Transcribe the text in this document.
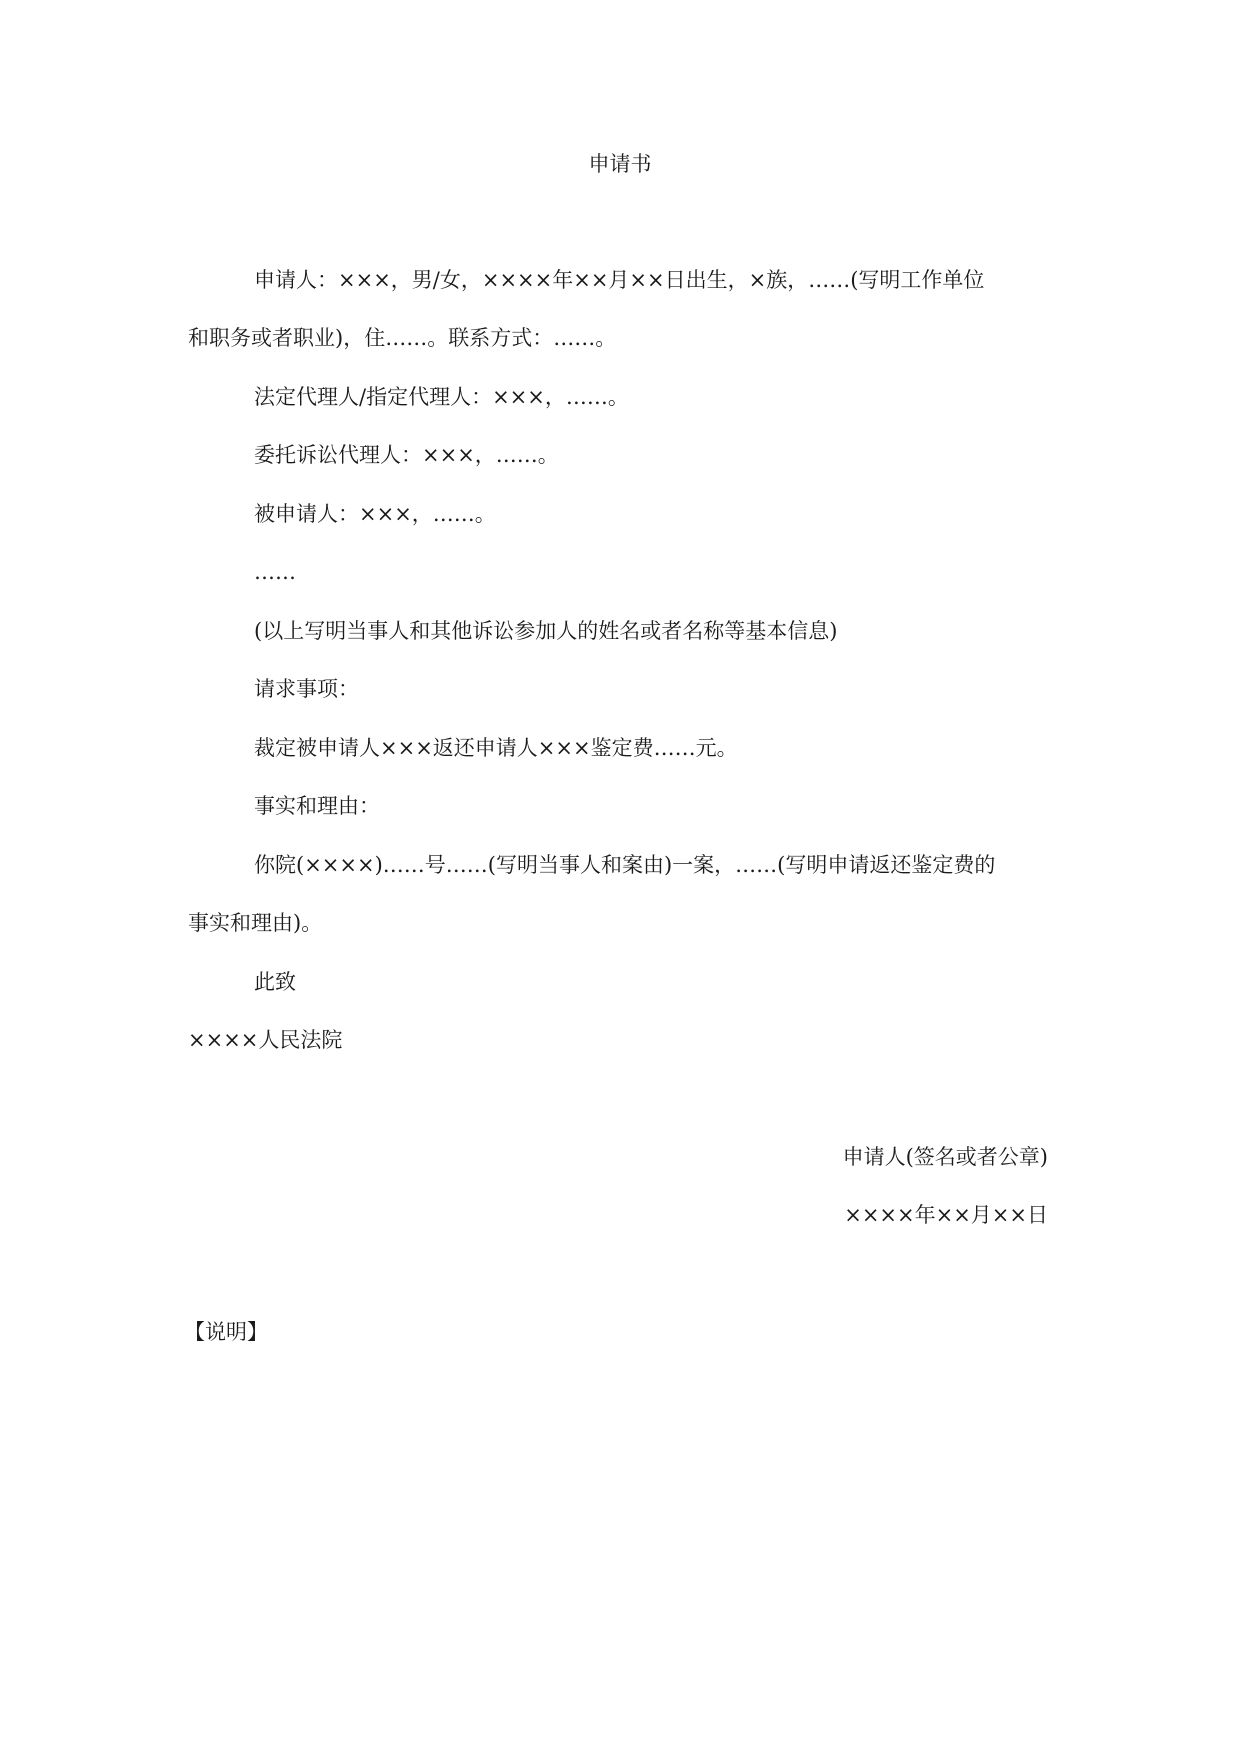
申请书
申请人：×××，男/女，××××年××月××日出生，×族，……(写明工作单位
和职务或者职业)，住……。联系方式：……。
法定代理人/指定代理人：×××，……。
委托诉讼代理人：×××，……。
被申请人：×××，……。
……
(以上写明当事人和其他诉讼参加人的姓名或者名称等基本信息)
请求事项：
裁定被申请人×××返还申请人×××鉴定费……元。
事实和理由：
你院(××××)……号……(写明当事人和案由)一案，……(写明申请返还鉴定费的
事实和理由)。
此致
××××人民法院
申请人(签名或者公章)
××××年××月××日
【说明】
